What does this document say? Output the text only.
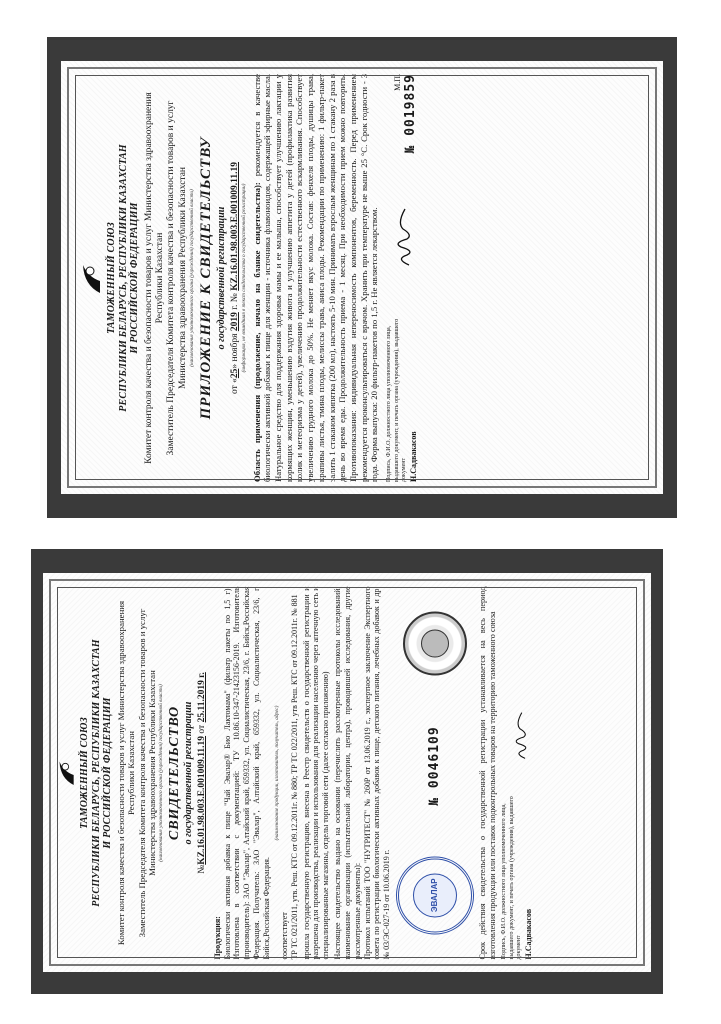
ТАМОЖЕННЫЙ СОЮЗ РЕСПУБЛИКИ БЕЛАРУСЬ, РЕСПУБЛИКИ КАЗАХСТАН И РОССИЙСКОЙ ФЕДЕРАЦИИ Комитет контроля качества и безопасности товаров и услуг Министерства здравоохранения Республики Казахстан Заместитель Председателя Комитета контроля качества и безопасности товаров и услуг Министерства здравоохранения Республики Казахстан (наименование уполномоченного органа (учреждения) государственной власти) ПРИЛОЖЕНИЕ К СВИДЕТЕЛЬСТВУ о государственной регистрации
от «25» ноября 2019 г. № KZ.16.01.98.003.E.001009.11.19 (информация, не вошедшая в текст свидетельства о государственной регистрации) Область применения (продолжение, начало на бланке свидетельства): рекомендуется в качестве биологически активной добавки к пище для женщин - источника флавоноидов, содержащей эфирные масла. Натуральное средство для поддержания здоровья мамы и ее малыша, способствует улучшению лактации у кормящих женщин, уменьшению вздутия живота и улучшению аппетита у детей (профилактика развития колик и метеоризма у детей), увеличению продолжительности естественного вскармливания. Способствует увеличению грудного молока до 50%. Не меняет вкус молока. Состав: фенхеля плоды, душицы трава, крапивы листья, тмина плоды, мелиссы трава, аниса плоды. Рекомендации по применению: 1 фильтр-пакет залить 1 стаканом кипятка (200 мл), настоять 5-10 мин. Принимать взрослым женщинам по 1 стакану 2 раза в день во время еды. Продолжительность приема - 1 месяц. При необходимости прием можно повторить. Противопоказания: индивидуальная непереносимость компонентов, беременность. Перед применением рекомендуется проконсультироваться с врачом. Хранить при температуре не выше 25 °С. Срок годности - 3 года. Форма выпуска: 20 фильтр-пакетов по 1,5 г. Не является лекарством. Подпись, Ф.И.О. должностного лица уполномоченного лица, выдавшего документ, и печать органа (учреждения), выдавшего документ Н.Садвакасов
М.П.
№ 0019859
ТАМОЖЕННЫЙ СОЮЗ РЕСПУБЛИКИ БЕЛАРУСЬ, РЕСПУБЛИКИ КАЗАХСТАН И РОССИЙСКОЙ ФЕДЕРАЦИИ Комитет контроля качества и безопасности товаров и услуг Министерства здравоохранения Республики Казахстан Заместитель Председателя Комитета контроля качества и безопасности товаров и услуг Министерства здравоохранения Республики Казахстан (наименование уполномоченного органа (учреждения) государственной власти) СВИДЕТЕЛЬСТВО о государственной регистрации
№KZ.16.01.98.003.E.001009.11.19 от 25.11.2019 г.

Продукция:
Биологически активная добавка к пище "Чай Эвалар® Био Лактомама" (фильтр пакеты по 1,5 г). Изготовлена в соответствии с документацией: ТУ 10.86.10-347-21423156-2019. Изготовитель (производитель): ЗАО "Эвалар", Алтайский край, 659332, ул. Социалистическая, 23/6, г. Бийск,Российская Федерация. Получатель: ЗАО "Эвалар", Алтайский край, 659332, ул. Социалистическая, 23/6, г. Бийск,Российская Федерация.

(наименование продукции, изготовитель, получатель, адрес)

соответствует
ТР ТС 021/2011, утв. Реш. КТС от 09.12.2011г. № 880; ТР ТС 022/2011, утв Реш. КТС от 09.12.2011г. № 881 прошла государственную регистрацию, внесена в Реестр свидетельств о государственной регистрации и разрешена для производства, реализации и использования для реализации населению через аптечную сеть и специализированные магазины, отделы торговой сети (далее согласно приложению) Настоящее свидетельство выдано на основании (перечислить рассмотренные протоколы исследований, наименование организации (испытательной лаборатории, центра), проводившей исследования, другие рассмотренные документы):
Протокол испытаний ТОО "НУТРИТЕСТ" № 260Р от 13.06.2019 г., экспертное заключение Экспертного совета по регистрации биологически активных добавок к пище, детского питания, лечебных добавок и др. № 03/ЭС-027-19 от 10.06.2019 г.	ЭВАЛАР
№ 0046109	Срок действия свидетельства о государственной регистрации устанавливается на весь период изготовления продукции или поставок подконтрольных товаров на территорию таможенного союза Подпись, Ф.И.О. должностного лица уполномоченного лица, выдавшего документ, и печать органа (учреждения), выдавшего документ Н.Садвакасов
